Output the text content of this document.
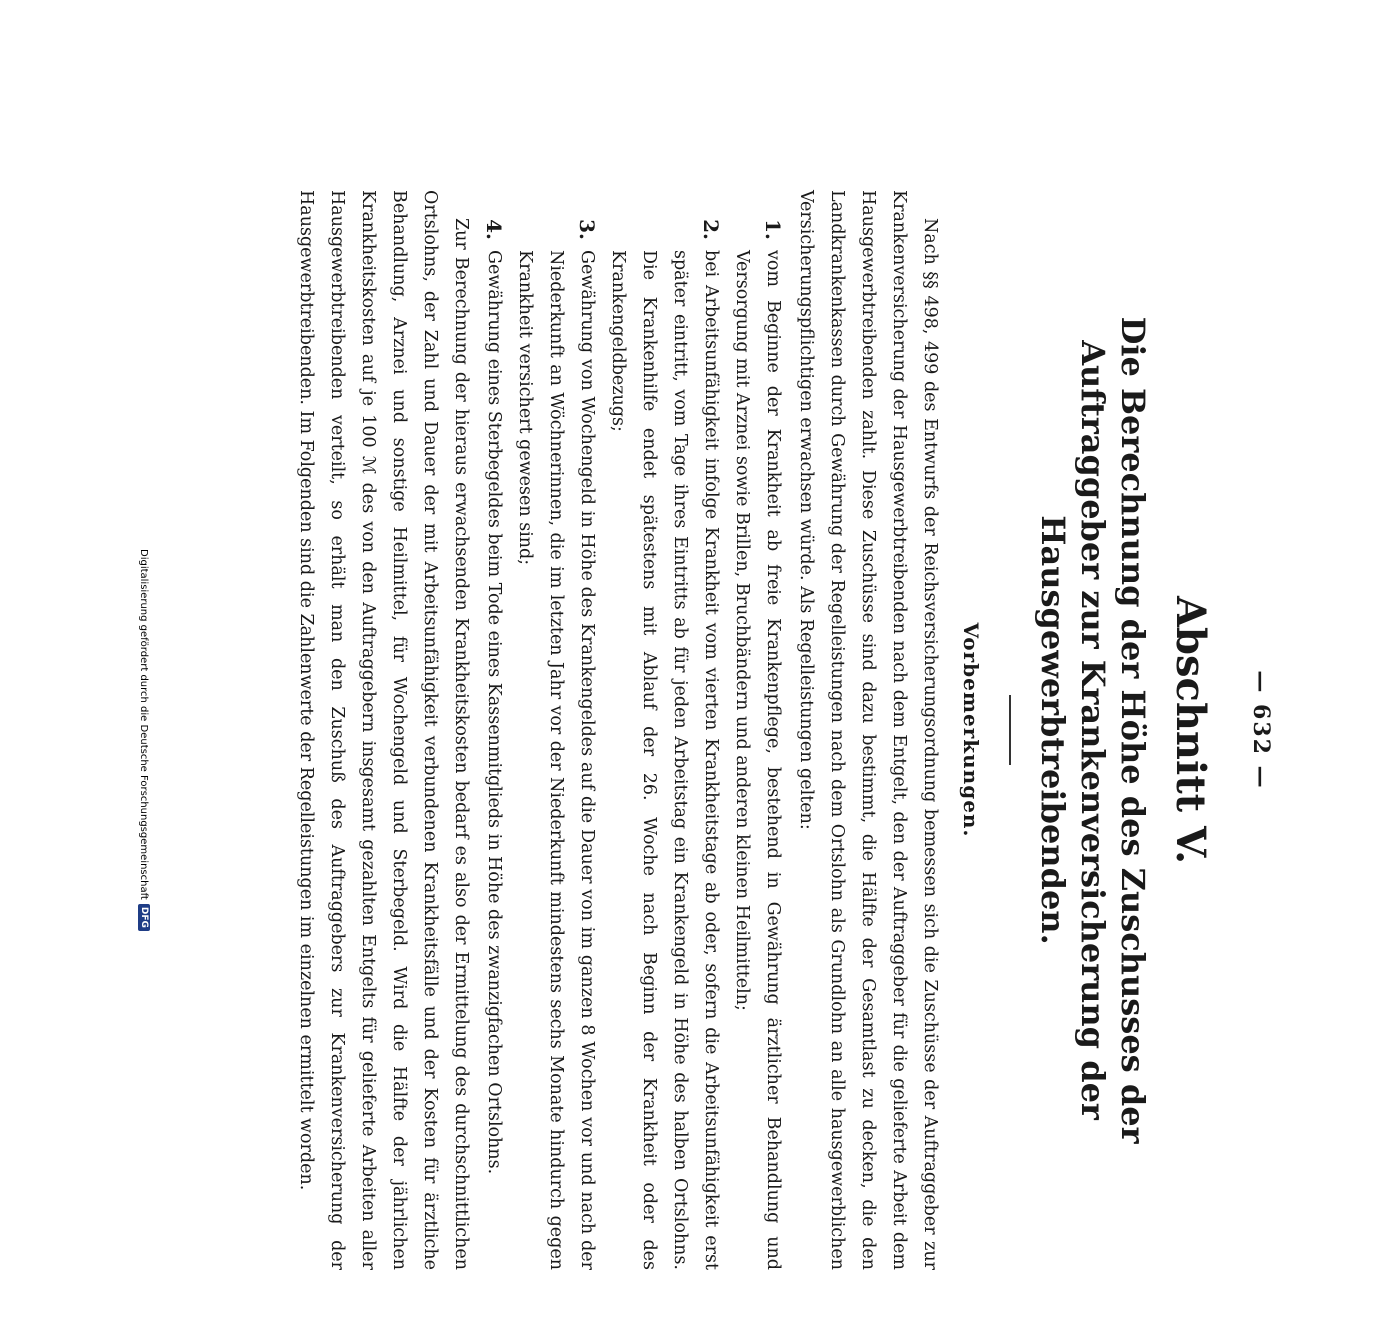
— 632 —
Abschnitt V.
Die Berechnung der Höhe des Zuschusses der Auftraggeber zur Krankenversicherung der Hausgewerbtreibenden.
Vorbemerkungen.

Nach §§ 498, 499 des Entwurfs der Reichsversicherungsordnung bemessen sich die Zuschüsse der Auftraggeber zur Krankenversicherung der Hausgewerbtreibenden nach dem Entgelt, den der Auftraggeber für die gelieferte Arbeit dem Hausgewerbtreibenden zahlt. Diese Zuschüsse sind dazu bestimmt, die Hälfte der Gesamtlast zu decken, die den Landkrankenkassen durch Gewährung der Regelleistungen nach dem Ortslohn als Grundlohn an alle hausgewerblichen Versicherungspflichtigen erwachsen würde. Als Regelleistungen gelten:

1.
vom Beginne der Krankheit ab freie Krankenpflege, bestehend in Gewährung ärztlicher Behandlung und Versorgung mit Arznei sowie Brillen, Bruchbändern und anderen kleinen Heilmitteln;
2.
bei Arbeitsunfähigkeit infolge Krankheit vom vierten Krankheitstage ab oder, sofern die Arbeitsunfähigkeit erst später eintritt, vom Tage ihres Eintritts ab für jeden Arbeitstag ein Krankengeld in Höhe des halben Ortslohns. Die Krankenhilfe endet spätestens mit Ablauf der 26. Woche nach Beginn der Krankheit oder des Krankengeldbezugs;
3.
Gewährung von Wochengeld in Höhe des Krankengeldes auf die Dauer von im ganzen 8 Wochen vor und nach der Niederkunft an Wöchnerinnen, die im letzten Jahr vor der Niederkunft mindestens sechs Monate hindurch gegen Krankheit versichert gewesen sind;
4.
Gewährung eines Sterbegeldes beim Tode eines Kassenmitglieds in Höhe des zwanzigfachen Ortslohns.

Zur Berechnung der hieraus erwachsenden Krankheitskosten bedarf es also der Ermittelung des durchschnittlichen Ortslohns, der Zahl und Dauer der mit Arbeitsunfähigkeit verbundenen Krankheitsfälle und der Kosten für ärztliche Behandlung, Arznei und sonstige Heilmittel, für Wochengeld und Sterbegeld. Wird die Hälfte der jährlichen Krankheitskosten auf je 100 ℳ des von den Auftraggebern insgesamt gezahlten Entgelts für gelieferte Arbeiten aller Hausgewerbtreibenden verteilt, so erhält man den Zuschuß des Auftraggebers zur Krankenversicherung der Hausgewerbtreibenden. Im Folgenden sind die Zahlenwerte der Regelleistungen im einzelnen ermittelt worden.

Digitalisierung gefördert durch die Deutsche Forschungsgemeinschaft
DFG
